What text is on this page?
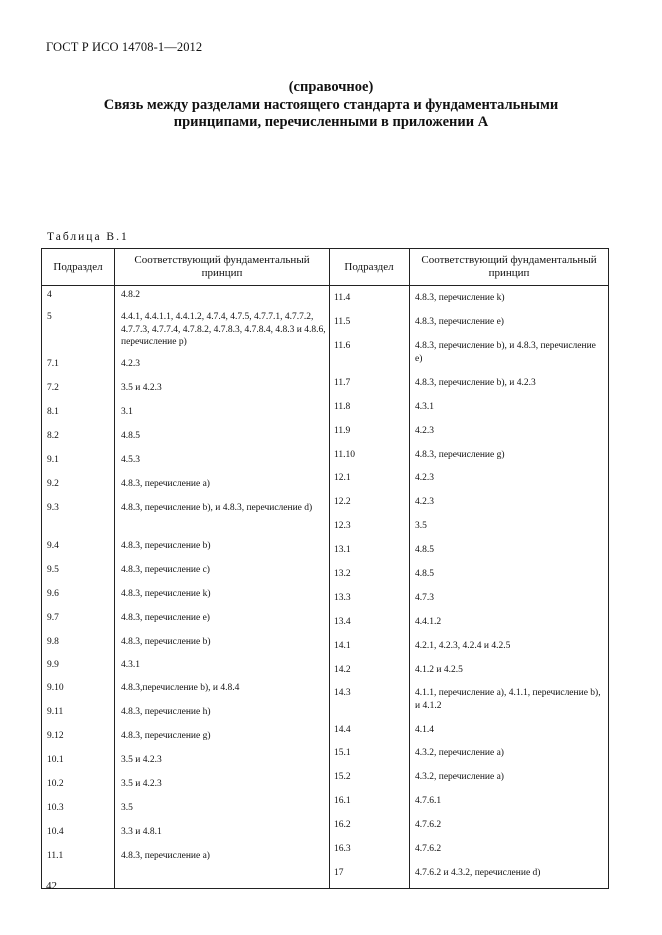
ГОСТ Р ИСО 14708-1—2012
(справочное)
Связь между разделами настоящего стандарта и фундаментальными принципами, перечисленными в приложении А
Таблица В.1
Подраздел
Соответствующий фундаментальный принцип
4	4.8.2
5	4.4.1, 4.4.1.1, 4.4.1.2, 4.7.4, 4.7.5, 4.7.7.1, 4.7.7.2, 4.7.7.3, 4.7.7.4, 4.7.8.2, 4.7.8.3, 4.7.8.4, 4.8.3 и 4.8.6, перечисление р)
7.1	4.2.3
7.2	3.5 и 4.2.3
8.1	3.1
8.2	4.8.5
9.1	4.5.3
9.2	4.8.3, перечисление а)
9.3	4.8.3, перечисление b), и 4.8.3, перечисление d)
9.4	4.8.3, перечисление b)
9.5	4.8.3, перечисление с)
9.6	4.8.3, перечисление k)
9.7	4.8.3, перечисление е)
9.8	4.8.3, перечисление b)
9.9	4.3.1
9.10	4.8.3,перечисление b), и 4.8.4
9.11	4.8.3, перечисление h)
9.12	4.8.3, перечисление g)
10.1	3.5 и 4.2.3
10.2	3.5 и 4.2.3
10.3	3.5
10.4	3.3 и 4.8.1
11.1	4.8.3, перечисление а)
Подраздел
Соответствующий фундаментальный принцип
11.4	4.8.3, перечисление k)
11.5	4.8.3, перечисление е)
11.6	4.8.3, перечисление b), и 4.8.3, перечисление е)
11.7	4.8.3, перечисление b), и 4.2.3
11.8	4.3.1
11.9	4.2.3
11.10	4.8.3, перечисление g)
12.1	4.2.3
12.2	4.2.3
12.3	3.5
13.1	4.8.5
13.2	4.8.5
13.3	4.7.3
13.4	4.4.1.2
14.1	4.2.1, 4.2.3, 4.2.4 и 4.2.5
14.2	4.1.2 и 4.2.5
14.3	4.1.1, перечисление а), 4.1.1, перечисление b), и 4.1.2
14.4	4.1.4
15.1	4.3.2, перечисление а)
15.2	4.3.2, перечисление а)
16.1	4.7.6.1
16.2	4.7.6.2
16.3	4.7.6.2
17	4.7.6.2 и 4.3.2, перечисление d)
42
